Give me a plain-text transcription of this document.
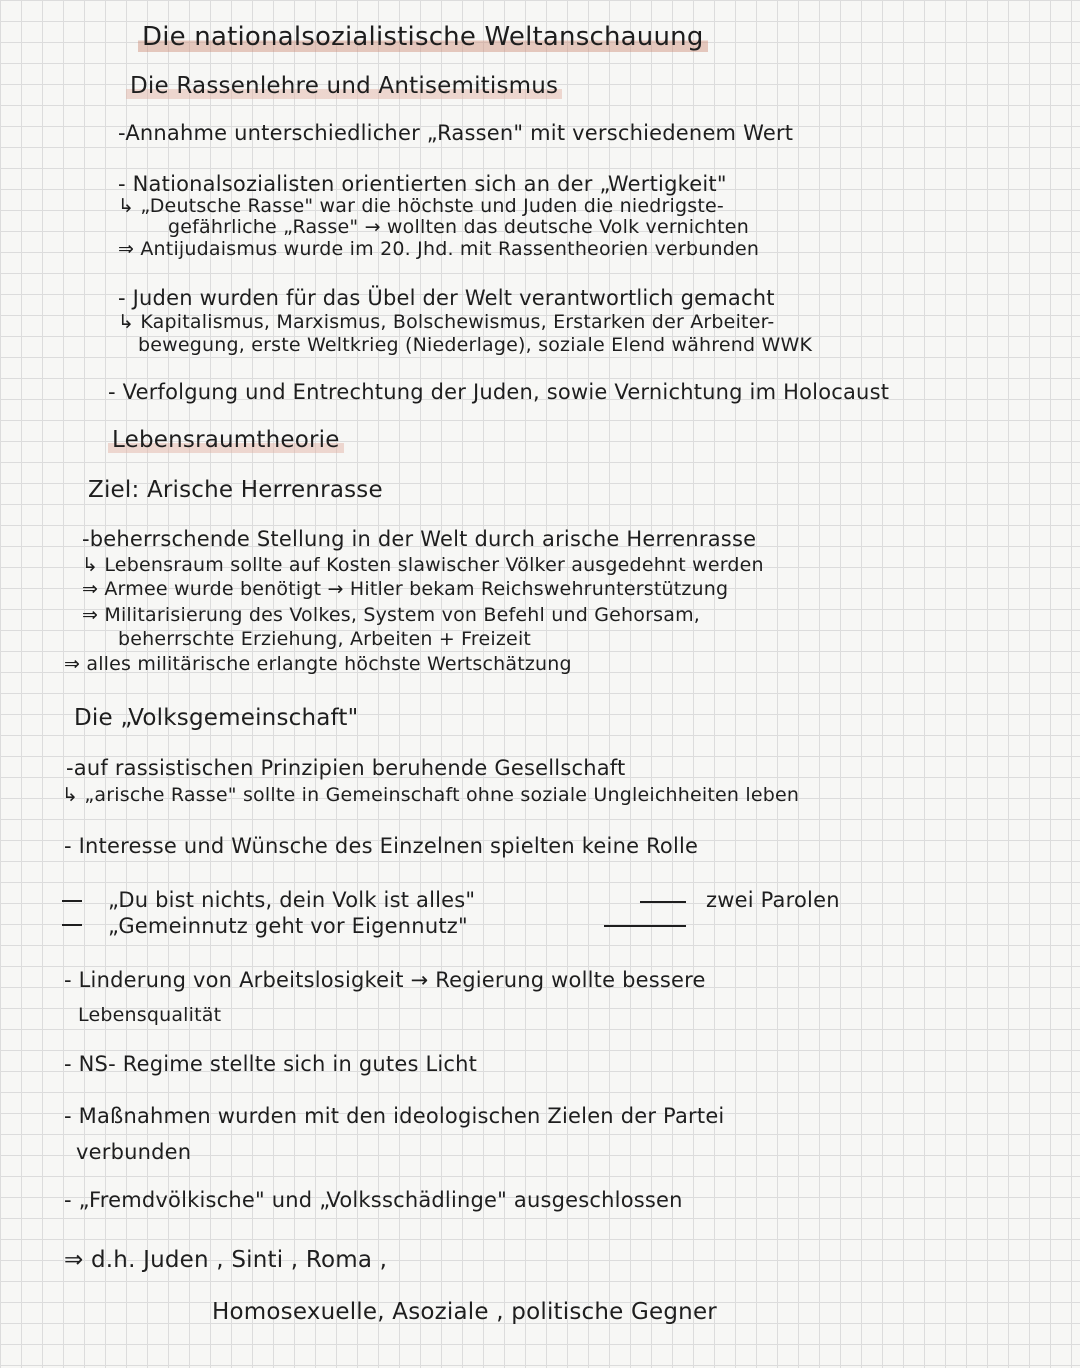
Die nationalsozialistische Weltanschauung
Die Rassenlehre und Antisemitismus
-Annahme unterschiedlicher „Rassen" mit verschiedenem Wert
- Nationalsozialisten orientierten sich an der „Wertigkeit"
↳ „Deutsche Rasse" war die höchste und Juden die niedrigste-
gefährliche „Rasse" → wollten das deutsche Volk vernichten
⇒ Antijudaismus wurde im 20. Jhd. mit Rassentheorien verbunden
- Juden wurden für das Übel der Welt verantwortlich gemacht
↳ Kapitalismus, Marxismus, Bolschewismus, Erstarken der Arbeiter-
bewegung, erste Weltkrieg (Niederlage), soziale Elend während WWK
- Verfolgung und Entrechtung der Juden, sowie Vernichtung im Holocaust
Lebensraumtheorie
Ziel: Arische Herrenrasse
-beherrschende Stellung in der Welt durch arische Herrenrasse
↳ Lebensraum sollte auf Kosten slawischer Völker ausgedehnt werden
⇒ Armee wurde benötigt → Hitler bekam Reichswehrunterstützung
⇒ Militarisierung des Volkes, System von Befehl und Gehorsam,
beherrschte Erziehung, Arbeiten + Freizeit
⇒ alles militärische erlangte höchste Wertschätzung
Die „Volksgemeinschaft"
-auf rassistischen Prinzipien beruhende Gesellschaft
↳ „arische Rasse" sollte in Gemeinschaft ohne soziale Ungleichheiten leben
- Interesse und Wünsche des Einzelnen spielten keine Rolle
„Du bist nichts, dein Volk ist alles"
„Gemeinnutz geht vor Eigennutz"
zwei Parolen
- Linderung von Arbeitslosigkeit → Regierung wollte bessere
Lebensqualität
- NS- Regime stellte sich in gutes Licht
- Maßnahmen wurden mit den ideologischen Zielen der Partei
verbunden
- „Fremdvölkische" und „Volksschädlinge" ausgeschlossen
⇒ d.h. Juden , Sinti , Roma ,
Homosexuelle, Asoziale , politische Gegner
